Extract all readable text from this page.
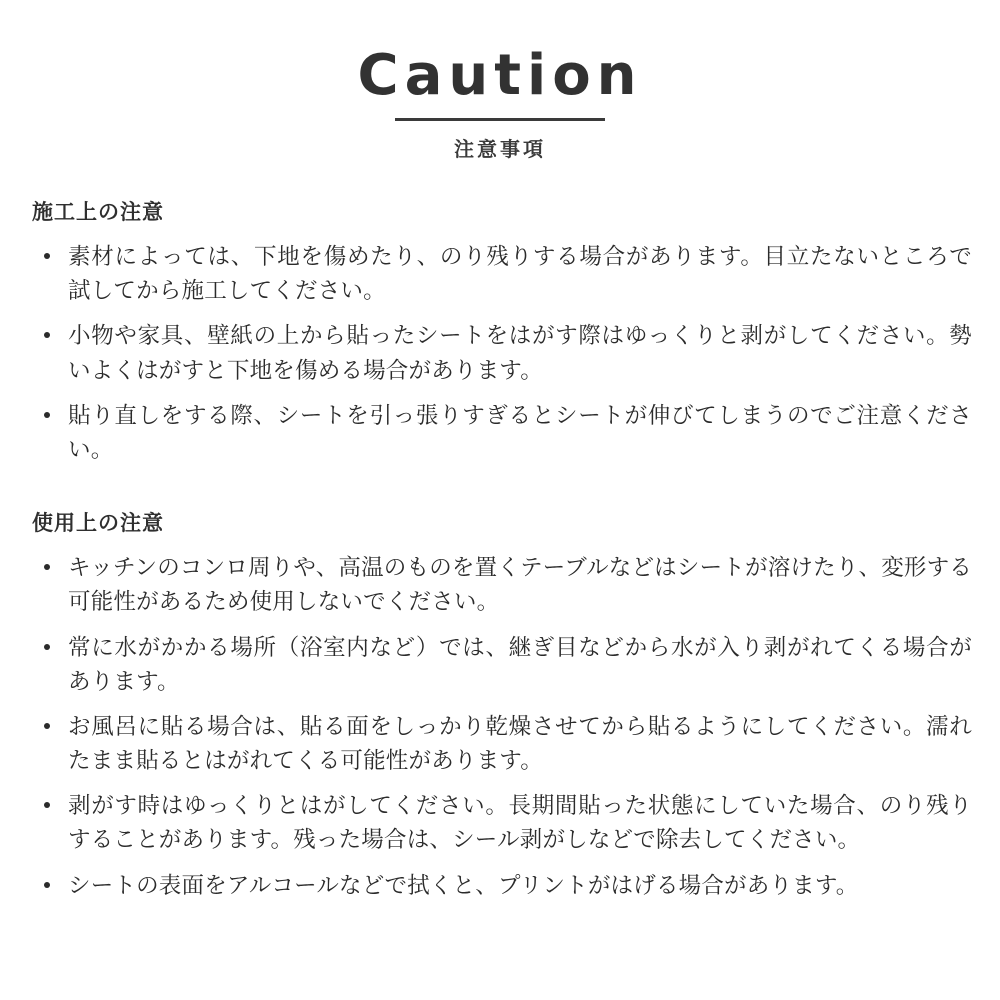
Caution
注意事項
施工上の注意
素材によっては、下地を傷めたり、のり残りする場合があります。目立たないところで試してから施工してください。
小物や家具、壁紙の上から貼ったシートをはがす際はゆっくりと剥がしてください。勢いよくはがすと下地を傷める場合があります。
貼り直しをする際、シートを引っ張りすぎるとシートが伸びてしまうのでご注意ください。
使用上の注意
キッチンのコンロ周りや、高温のものを置くテーブルなどはシートが溶けたり、変形する可能性があるため使用しないでください。
常に水がかかる場所（浴室内など）では、継ぎ目などから水が入り剥がれてくる場合があります。
お風呂に貼る場合は、貼る面をしっかり乾燥させてから貼るようにしてください。濡れたまま貼るとはがれてくる可能性があります。
剥がす時はゆっくりとはがしてください。長期間貼った状態にしていた場合、のり残りすることがあります。残った場合は、シール剥がしなどで除去してください。
シートの表面をアルコールなどで拭くと、プリントがはげる場合があります。
